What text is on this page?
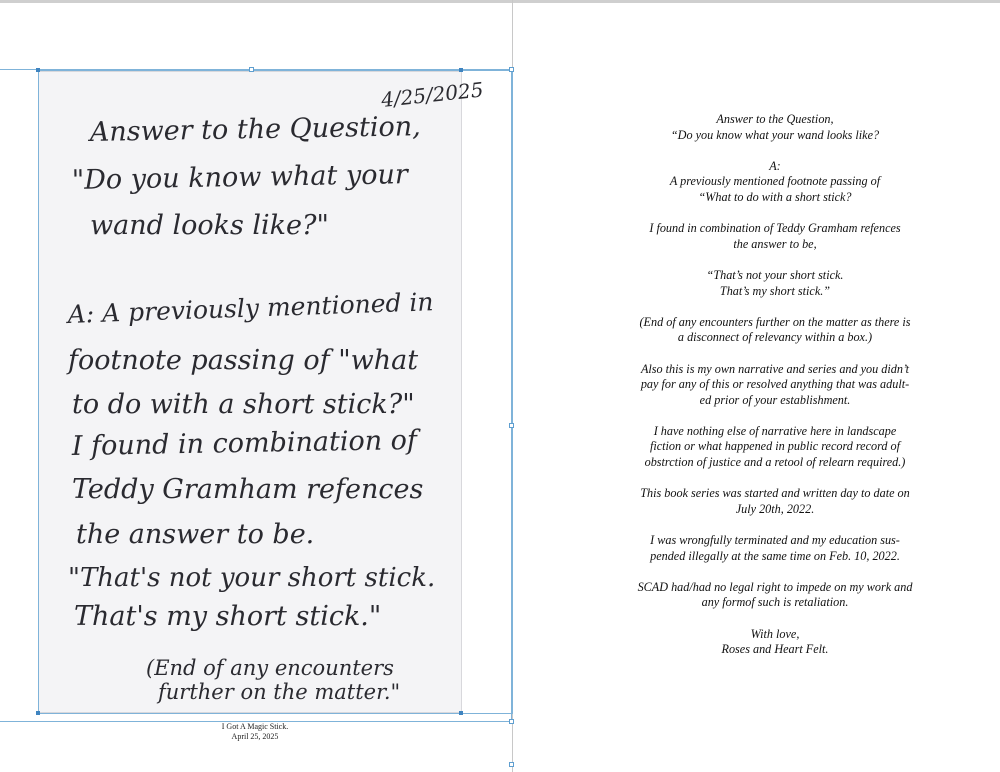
4/25/2025
Answer to the Question,
"Do you know what your
wand looks like?"
A: A previously mentioned in
footnote passing of "what
to do with a short stick?"
I found in combination of
Teddy Gramham refences
the answer to be.
"That's not your short stick.
That's my short stick."
(End of any encounters
further on the matter."
I Got A Magic Stick.
April 25, 2025
Answer to the Question,
“Do you know what your wand looks like?
A:
A previously mentioned footnote passing of
“What to do with a short stick?
I found in combination of Teddy Gramham refences
the answer to be,
“That’s not your short stick.
That’s my short stick.”
(End of any encounters further on the matter as there is
a disconnect of relevancy within a box.)
Also this is my own narrative and series and you didn’t
pay for any of this or resolved anything that was adult-
ed prior of your establishment.
I have nothing else of narrative here in landscape
fiction or what happened in public record record of
obstrction of justice and a retool of relearn required.)
This book series was started and written day to date on
July 20th, 2022.
I was wrongfully terminated and my education sus-
pended illegally at the same time on Feb. 10, 2022.
SCAD had/had no legal right to impede on my work and
any formof such is retaliation.
With love,
Roses and Heart Felt.
